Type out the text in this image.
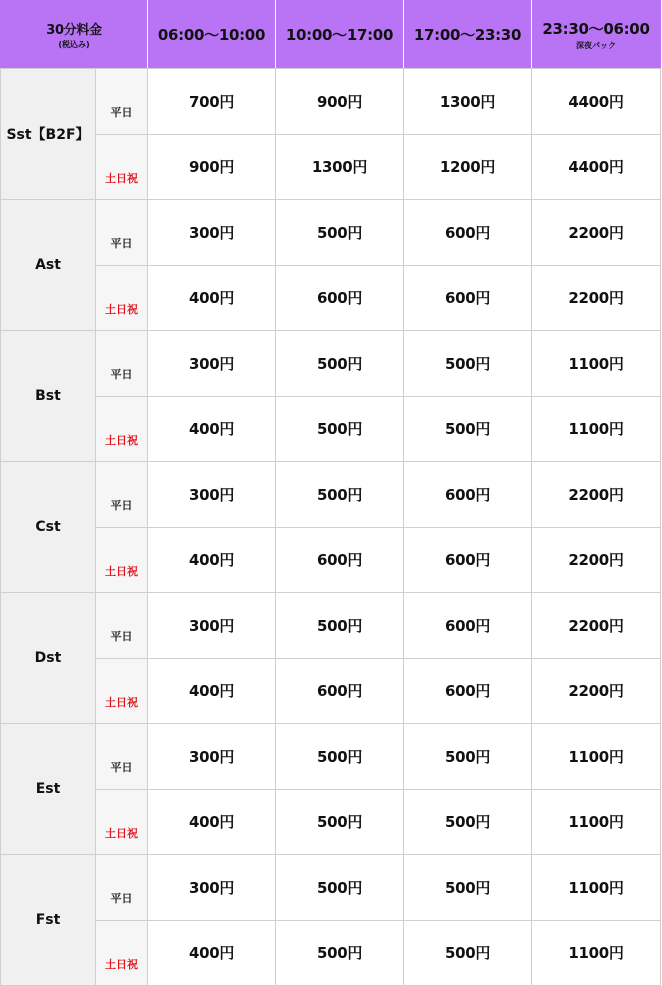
30分料金
(税込み)		06:00〜10:00	10:00〜17:00	17:00〜23:30	23:30〜06:00
深夜パック

Sst【B2F】	平日	700円	900円	1300円	4400円
	土日祝	900円	1300円	1200円	4400円
Ast	平日	300円	500円	600円	2200円
	土日祝	400円	600円	600円	2200円
Bst	平日	300円	500円	500円	1100円
	土日祝	400円	500円	500円	1100円
Cst	平日	300円	500円	600円	2200円
	土日祝	400円	600円	600円	2200円
Dst	平日	300円	500円	600円	2200円
	土日祝	400円	600円	600円	2200円
Est	平日	300円	500円	500円	1100円
	土日祝	400円	500円	500円	1100円
Fst	平日	300円	500円	500円	1100円
	土日祝	400円	500円	500円	1100円
